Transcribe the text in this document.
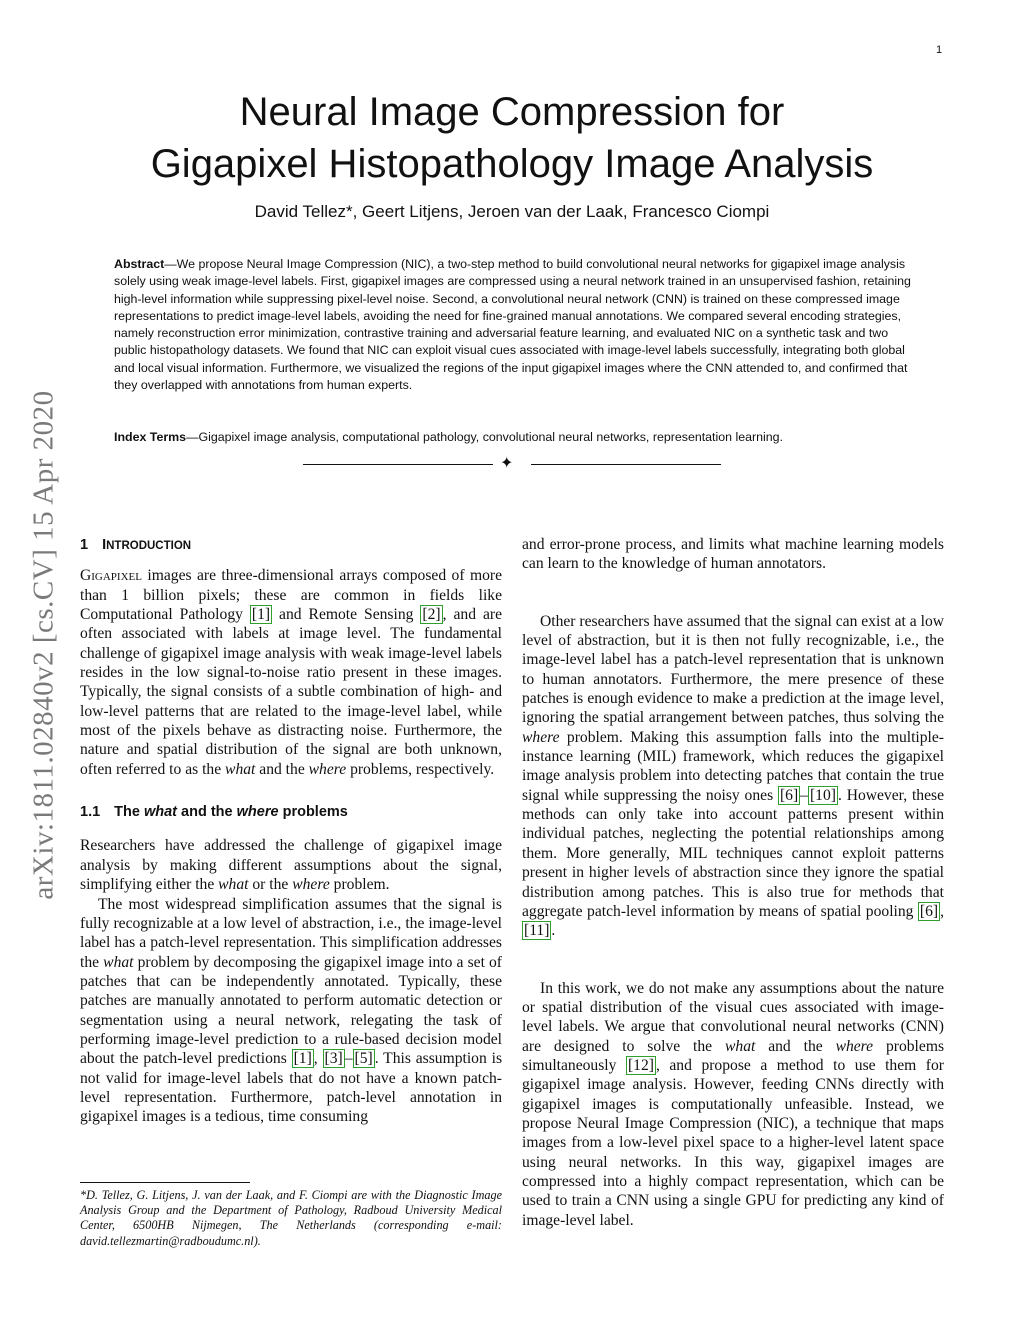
1
arXiv:1811.02840v2 [cs.CV] 15 Apr 2020
Neural Image Compression for
Gigapixel Histopathology Image Analysis
David Tellez*, Geert Litjens, Jeroen van der Laak, Francesco Ciompi
Abstract—We propose Neural Image Compression (NIC), a two-step method to build convolutional neural networks for gigapixel image analysis solely using weak image-level labels. First, gigapixel images are compressed using a neural network trained in an unsupervised fashion, retaining high-level information while suppressing pixel-level noise. Second, a convolutional neural network (CNN) is trained on these compressed image representations to predict image-level labels, avoiding the need for fine-grained manual annotations. We compared several encoding strategies, namely reconstruction error minimization, contrastive training and adversarial feature learning, and evaluated NIC on a synthetic task and two public histopathology datasets. We found that NIC can exploit visual cues associated with image-level labels successfully, integrating both global and local visual information. Furthermore, we visualized the regions of the input gigapixel images where the CNN attended to, and confirmed that they overlapped with annotations from human experts.
Index Terms—Gigapixel image analysis, computational pathology, convolutional neural networks, representation learning.
✦
1 INTRODUCTION

Gigapixel images are three-dimensional arrays composed of more than 1 billion pixels; these are common in fields like Computational Pathology [1] and Remote Sensing [2] , and are often associated with labels at image level. The fundamental challenge of gigapixel image analysis with weak image-level labels resides in the low signal-to-noise ratio present in these images. Typically, the signal consists of a subtle combination of high- and low-level patterns that are related to the image-level label, while most of the pixels behave as distracting noise. Furthermore, the nature and spatial distribution of the signal are both unknown, often referred to as the what and the where problems, respectively.

1.1 The what and the where problems

Researchers have addressed the challenge of gigapixel image analysis by making different assumptions about the signal, simplifying either the what or the where problem.

The most widespread simplification assumes that the signal is fully recognizable at a low level of abstraction, i.e., the image-level label has a patch-level representation. This simplification addresses the what problem by decomposing the gigapixel image into a set of patches that can be independently annotated. Typically, these patches are manually annotated to perform automatic detection or segmentation using a neural network, relegating the task of performing image-level prediction to a rule-based decision model about the patch-level predictions [1] , [3] – [5] . This assumption is not valid for image-level labels that do not have a known patch-level representation. Furthermore, patch-level annotation in gigapixel images is a tedious, time consuming

*D. Tellez, G. Litjens, J. van der Laak, and F. Ciompi are with the Diagnostic Image Analysis Group and the Department of Pathology, Radboud University Medical Center, 6500HB Nijmegen, The Netherlands (corresponding e-mail: david.tellezmartin@radboudumc.nl).

and error-prone process, and limits what machine learning models can learn to the knowledge of human annotators.

Other researchers have assumed that the signal can exist at a low level of abstraction, but it is then not fully recognizable, i.e., the image-level label has a patch-level representation that is unknown to human annotators. Furthermore, the mere presence of these patches is enough evidence to make a prediction at the image level, ignoring the spatial arrangement between patches, thus solving the where problem. Making this assumption falls into the multiple-instance learning (MIL) framework, which reduces the gigapixel image analysis problem into detecting patches that contain the true signal while suppressing the noisy ones [6] – [10] . However, these methods can only take into account patterns present within individual patches, neglecting the potential relationships among them. More generally, MIL techniques cannot exploit patterns present in higher levels of abstraction since they ignore the spatial distribution among patches. This is also true for methods that aggregate patch-level information by means of spatial pooling [6] , [11] .

In this work, we do not make any assumptions about the nature or spatial distribution of the visual cues associated with image-level labels. We argue that convolutional neural networks (CNN) are designed to solve the what and the where problems simultaneously [12] , and propose a method to use them for gigapixel image analysis. However, feeding CNNs directly with gigapixel images is computationally unfeasible. Instead, we propose Neural Image Compression (NIC), a technique that maps images from a low-level pixel space to a higher-level latent space using neural networks. In this way, gigapixel images are compressed into a highly compact representation, which can be used to train a CNN using a single GPU for predicting any kind of image-level label.
